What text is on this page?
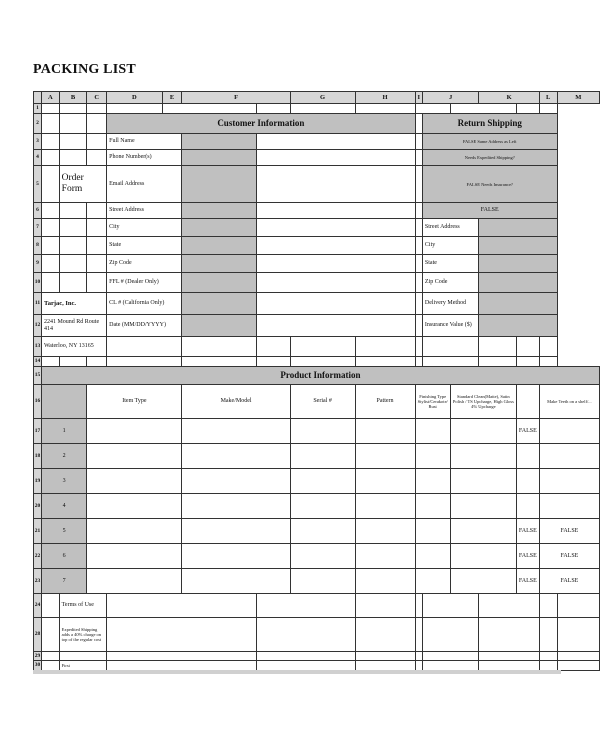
PACKING LIST
	A	B	C	D	E	F		G	H	I	J		K		L	M
1																
2				Customer Information							Return Shipping					
3				Full Name							FALSE Same Address as Left					
4				Phone Number(s)							Needs Expedited Shipping?					
5		Order Form		Email Address							FALSE Needs Insurance?					
6				Street Address							FALSE					
7				City							Street Address					
8				State							City					
9				Zip Code							State					
10				FFL # (Dealer Only)							Zip Code					
11	Tarjac, Inc.			CL # (California Only)							Delivery Method					
12	2241 Mound Rd Route 414			Date (MM/DD/YYYY)							Insurance Value ($)					
13	Waterloo, NY 13165															
14																
15	Product Information															
16			Item Type			Make/Model		Serial #	Pattern	Finishing Type Stylist/Cerakote/ Rust		Standard Clean(Matte), Satin Polish / TS Upcharge, High Gloss 4% Upcharge			Make Teeth on a shelf/...	
17	1													FALSE		
18	2															
19	3															
20	4															
21	5													FALSE	FALSE	
22	6													FALSE	FALSE	
23	7													FALSE	FALSE	
24		Terms of Use														
28		Expedited Shipping adds a 40% charge on top of the regular cost														
29																
30		First														
